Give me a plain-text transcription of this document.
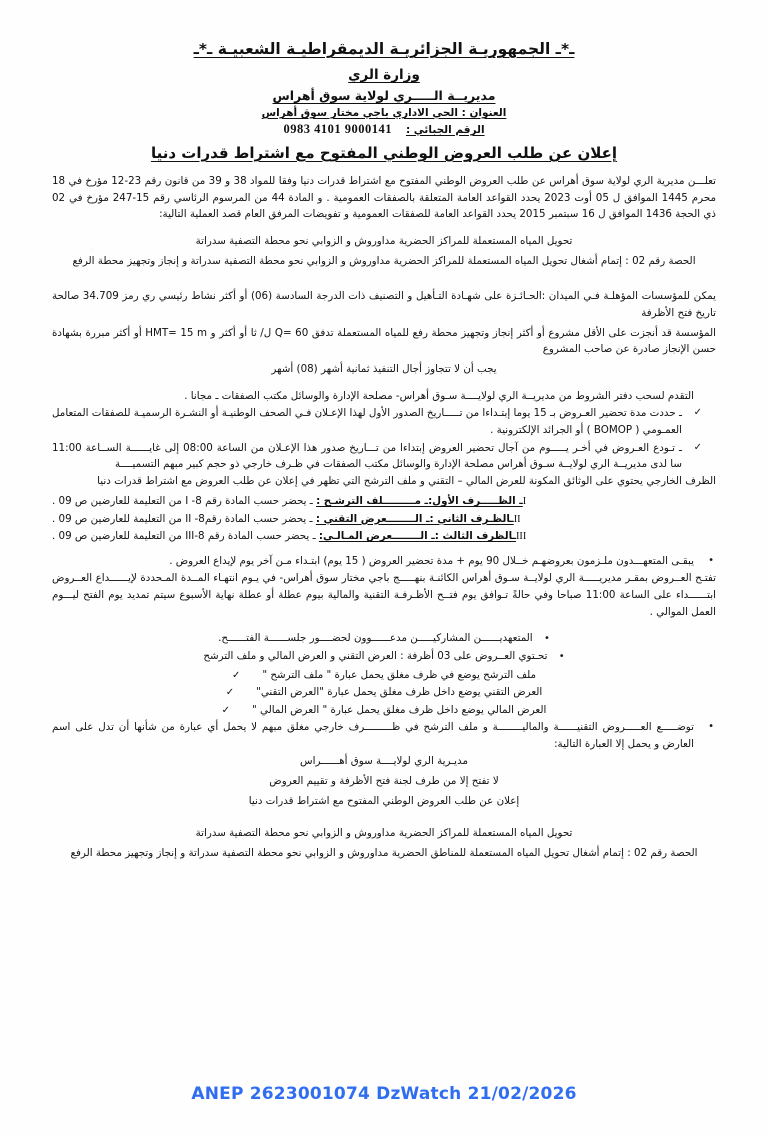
ـ*ـ الجمهوريـة الجزائريـة الديمقراطيـة الشعبيـة ـ*ـ
وزارة الري
مديريــة الـــــري لولاية سوق أهراس
العنوان : الحي الاداري باجي مختار سوق أهراس
الرقم الجبائي :
0983 4101 9000141
إعلان عن طلب العروض الوطني المفتوح مع اشتراط قدرات دنيا
تعلـــن مديرية الري لولاية سوق أهراس عن طلب العروض الوطني المفتوح مع اشتراط قدرات دنيا وفقا للمواد 38 و 39 من قانون رقم 23-12 مؤرخ في 18 محرم 1445 الموافق ل 05 أوت 2023 يحدد القواعد العامة المتعلقة بالصفقات العمومية . و المادة 44 من المرسوم الرئاسي رقم 15-247 مؤرخ في 02 ذي الحجة 1436 الموافق ل 16 سبتمبر 2015 يحدد القواعد العامة للصفقات العمومية و تفويضات المرفق العام قصد العملية التالية:
تحويل المياه المستعملة للمراكز الحضرية مداوروش و الزوابي نحو محطة التصفية سدراتة
الحصة رقم 02 : إتمام أشغال تحويل المياه المستعملة للمراكز الحضرية مداوروش و الزوابي نحو محطة التصفية سدراتة و إنجاز وتجهيز محطة الرفع
يمكن للمؤسسات المؤهلـة فـي الميدان :الحـائـزة على شهـادة التـأهيل و التصنيف ذات الدرجة السادسة (06) أو أكثر نشاط رئيسي ري رمز 34.709 صالحة تاريخ فتح الأظرفة
المؤسسة قد أنجزت على الأقل مشروع أو أكثر إنجاز وتجهيز محطة رفع للمياه المستعملة تدفق Q= 60 ل/ ثا أو أكثر و HMT= 15 m أو أكثر مبررة بشهادة حسن الإنجاز صادرة عن صاحب المشروع
يجب أن لا تتجاوز أجال التنفيذ ثمانية أشهر (08) أشهر
التقدم لسحب دفتر الشروط من مديريــة الري لولايــــة سـوق أهراس- مصلحة الإدارة والوسائل مكتب الصفقات ـ مجانا .
✓
ـ حددت مدة تحضير العـروض بـ 15 يوما إبتـداءا من تـــــاريخ الصدور الأول لهذا الإعـلان فـي الصحف الوطنيـة أو النشـرة الرسميـة للصفقات المتعامل العمـومي ( BOMOP ) أو الجرائد الإلكترونية .
✓
ـ تـودع العـروض في أخـر يـــــوم من آجال تحضير العروض إبتداءا من تـــاريخ صدور هذا الإعـلان من الساعة 08:00 إلى غايــــــة الســاعة 11:00 سا لدى مديريــة الري لولايــة سـوق أهراس مصلحة الإدارة والوسائل مكتب الصفقات في ظـرف خارجي ذو حجم كبير مبهم التسميــــة
الظرف الخارجي يحتوي على الوثائق المكونة للعرض المالي – التقني و ملف الترشح التي تظهر في إعلان عن طلب العروض مع اشتراط قدرات دنيا
Iـ الظـــــرف الأول:ـ مـــــــــلف الترشـح : ـ يحضر حسب المادة رقم 8- I من التعليمة للعارضين ص 09 .
IIـالظـرف الثاني :ـ الــــــــعرض التقني : ـ يحضر حسب المادة رقم8- II من التعليمة للعارضين ص 09 .
IIIـالظرف الثالث :ـ الــــــــعرض المـالـي: ـ يحضر حسب المادة رقم 8-III من التعليمة للعارضين ص 09 .
•
يبقـى المتعهـــدون ملـزمون بعروضهـم خــلال 90 يوم + مدة تحضير العروض ( 15 يوم) ابتـداء مـن آخر يوم لإيداع العروض .
تفتـح العــروض بمقـر مديريـــــة الري لولايــة سـوق أهراس الكائنـة بنهـــــج باجي مختار سوق أهراس- في يـوم انتهـاء المــدة المـحددة لإيــــــداع العــروض ابتــــــداء على الساعة 11:00 صباحا وفي حالةً تـوافق يوم فتــح الأظـرفـة التقنية والمالية بيوم عطلة أو عطلة نهاية الأسبوع سيتم تمديد يوم الفتح ليـــوم العمل الموالي .
• المتعهديــــــن المشاركيـــــن مدعــــــوون لحضــــور جلســــــة الفتــــــح.
• تحـتوي العــروض على 03 أظرفة : العرض التقني و العرض المالي و ملف الترشح
ملف الترشح يوضع في ظرف مغلق يحمل عبارة " ملف الترشح "
✓
العرض التقني يوضع داخل ظرف مغلق يحمل عبارة "العرض التقني"
✓
العرض المالي يوضع داخل ظرف مغلق يحمل عبارة " العرض المالي "
✓
•
توضـــــع العـــــروض التقنيــــــة والماليــــــــة و ملف الترشح في ظـــــــــرف خارجي مغلق مبهم لا يحمل أي عبارة من شأنها أن تدل على اسم العارض و يحمل إلا العبارة التالية:
مديـرية الري لولايــــة سوق أهــــــراس
لا تفتح إلا من طرف لجنة فتح الأظرفة و تقييم العروض
إعلان عن طلب العروض الوطني المفتوح مع اشتراط قدرات دنيا
تحويل المياه المستعملة للمراكز الحضرية مداوروش و الزوابي نحو محطة التصفية سدراتة
الحصة رقم 02 : إتمام أشغال تحويل المياه المستعملة للمناطق الحضرية مداوروش و الزوابي نحو محطة التصفية سدراتة و إنجاز وتجهيز محطة الرفع
ANEP 2623001074 DzWatch 21/02/2026
